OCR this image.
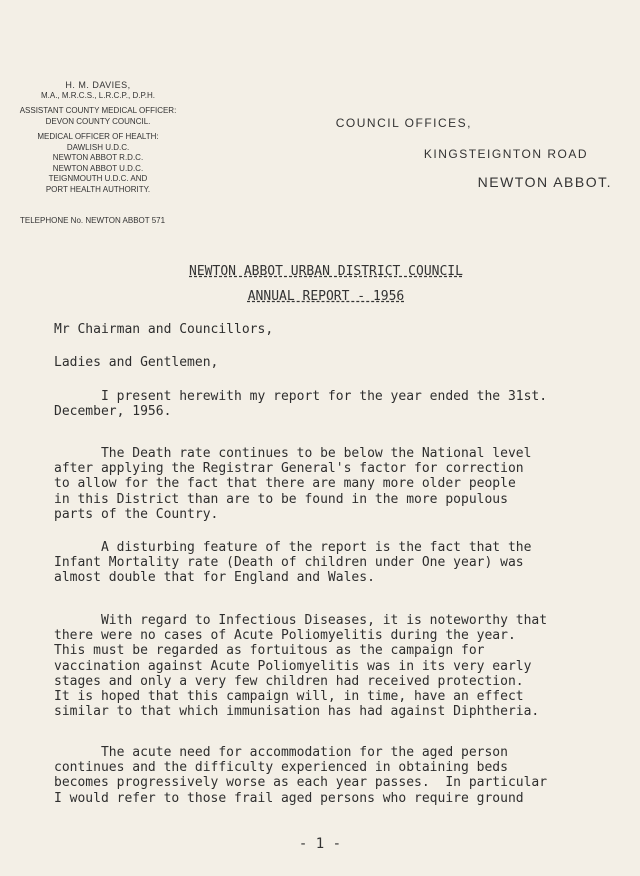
H. M. DAVIES,
M.A., M.R.C.S., L.R.C.P., D.P.H.
ASSISTANT COUNTY MEDICAL OFFICER:
DEVON COUNTY COUNCIL.
MEDICAL OFFICER OF HEALTH:
DAWLISH U.D.C.
NEWTON ABBOT R.D.C.
NEWTON ABBOT U.D.C.
TEIGNMOUTH U.D.C. AND
PORT HEALTH AUTHORITY.
TELEPHONE No. NEWTON ABBOT 571
COUNCIL OFFICES,
KINGSTEIGNTON ROAD
NEWTON ABBOT.
NEWTON ABBOT URBAN DISTRICT COUNCIL
ANNUAL REPORT - 1956

Mr Chairman and Councillors,

Ladies and Gentlemen,

I present herewith my report for the year ended the 31st.

December, 1956.

The Death rate continues to be below the National level

after applying the Registrar General's factor for correction

to allow for the fact that there are many more older people

in this District than are to be found in the more populous

parts of the Country.

A disturbing feature of the report is the fact that the

Infant Mortality rate (Death of children under One year) was

almost double that for England and Wales.

With regard to Infectious Diseases, it is noteworthy that

there were no cases of Acute Poliomyelitis during the year.

This must be regarded as fortuitous as the campaign for

vaccination against Acute Poliomyelitis was in its very early

stages and only a very few children had received protection.

It is hoped that this campaign will, in time, have an effect

similar to that which immunisation has had against Diphtheria.

The acute need for accommodation for the aged person

continues and the difficulty experienced in obtaining beds

becomes progressively worse as each year passes.  In particular

I would refer to those frail aged persons who require ground

- 1 -
